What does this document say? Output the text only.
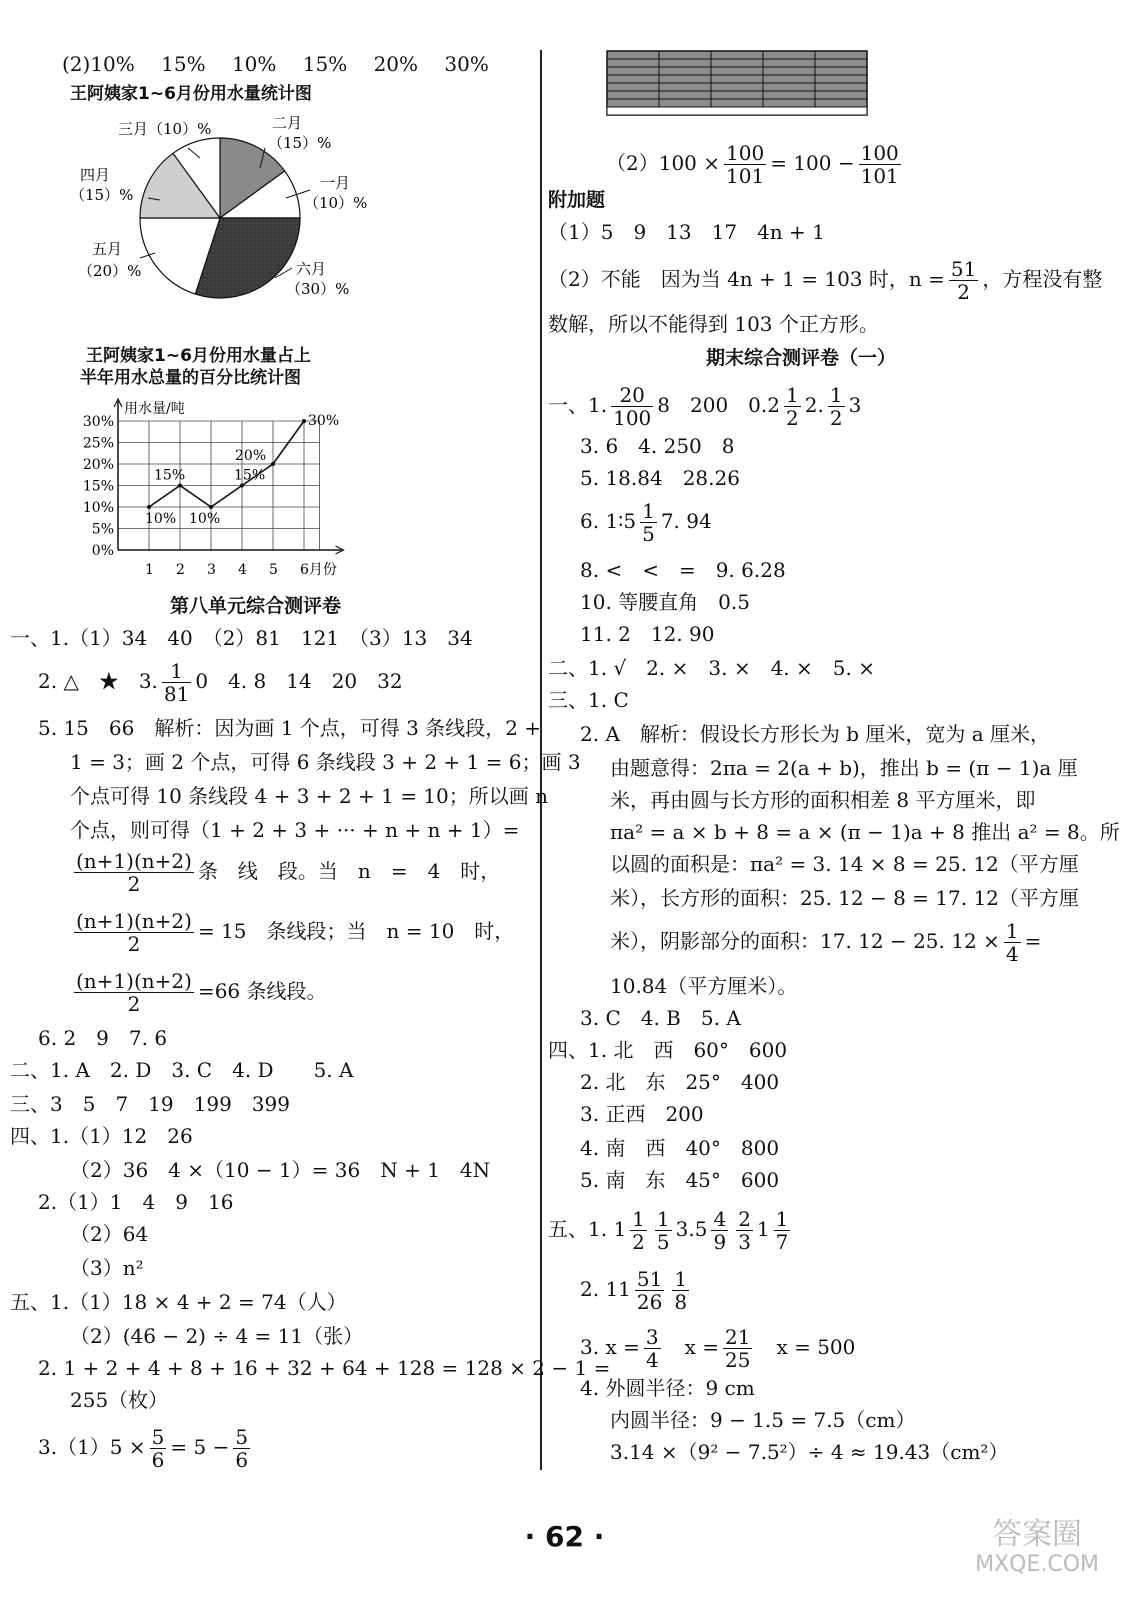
(2)10%　 15%　 10%　 15%　 20%　 30%
王阿姨家1~6月份用水量统计图
三月（10）%	二月
（15）%
一月
（10）%
四月
（15）%
五月
（20）%	六月
（30）%
王阿姨家1~6月份用水量占上
半年用水总量的百分比统计图
用水量/吨
0%
5%
10%
15%
20%
25%
30%
1 2 3 4 5 6月份
10%
15%
10%
15%
20%
30%
第八单元综合测评卷
一、1.（1）34　40　（2）81　121　（3）13　34
2. △　★　3. $\frac{1}{81} 0$　4. 8　14　20　32
5. 15　66　解析：因为画 1 个点，可得 3 条线段，2 +
1 = 3；画 2 个点，可得 6 条线段 3 + 2 + 1 = 6；画 3
个点可得 10 条线段 4 + 3 + 2 + 1 = 10；所以画 n
个点，则可得（1 + 2 + 3 + ··· + n + n + 1）=
$\frac{(n+1)(n+2)}{2}$ 条　线　段。当　n　=　4　时，
$\frac{(n+1)(n+2)}{2} = 15$　条线段；当　n = 10　时，
$\frac{(n+1)(n+2)}{2} =66$ 条线段。
6. 2　9　7. 6
二、1. A　2. D　3. C　4. D　　5. A
三、3　5　7　19　199　399
四、1.（1）12　26
（2）36　4 ×（10 − 1）= 36　N + 1　4N
2.（1）1　4　9　16
（2）64
（3）n²
五、1.（1）18 × 4 + 2 = 74（人）
（2）(46 − 2) ÷ 4 = 11（张）
2. 1 + 2 + 4 + 8 + 16 + 32 + 64 + 128 = 128 × 2 − 1 =
255（枚）
$3.(1)5 \times \frac{5}{6} = 5 - \frac{5}{6}$
$(2)100 \times \frac{100}{101} = 100 - \frac{100}{101}$
附加题
（1）5　9　13　17　4n + 1
（2）不能　因为当 4n + 1 = 103 时，$n = \frac{51}{2}$ ，方程没有整
数解，所以不能得到 103 个正方形。
期末综合测评卷（一）
一、1. $\frac{20}{100} 8$　200　$0.2 \frac{1}{2} 2$. $\frac{1}{2} 3$
3. 6　4. 250　8
5. 18.84　28.26
6. 1∶5 $\frac{1}{5} 7$. 94
8. <　<　=　9. 6.28
10. 等腰直角　0.5
11. 2　12. 90
二、1. √　2. ×　3. ×　4. ×　5. ×
三、1. C
2. A　解析：假设长方形长为 b 厘米，宽为 a 厘米，
由题意得：2πa = 2(a + b)，推出 b = (π − 1)a 厘
米，再由圆与长方形的面积相差 8 平方厘米，即
πa² = a × b + 8 = a × (π − 1)a + 8 推出 a² = 8。所
以圆的面积是：πa² = 3. 14 × 8 = 25. 12（平方厘
米），长方形的面积：25. 12 − 8 = 17. 12（平方厘
米），阴影部分的面积：17. 12 − 25. $12 \times \frac{1}{4}$ =
10.84（平方厘米）。
3. C　4. B　5. A
四、1. 北　西　60°　600
2. 北　东　25°　400
3. 正西　200
4. 南　西　40°　800
5. 南　东　45°　600
五、1. $1 \frac{1}{2} \frac{1}{5} 3.5 \frac{4}{9} \frac{2}{3} 1 \frac{1}{7}$
2. $11 \frac{51}{26} \frac{1}{8}$
3. $x = \frac{3}{4}$
　 $x = \frac{21}{25}$
　 x = 500
4. 外圆半径：9 cm
内圆半径：9 − 1.5 = 7.5（cm）
3.14 ×（9² − 7.5²）÷ 4 ≈ 19.43（cm²）
· 62 ·	答案圈
MXQE.COM
